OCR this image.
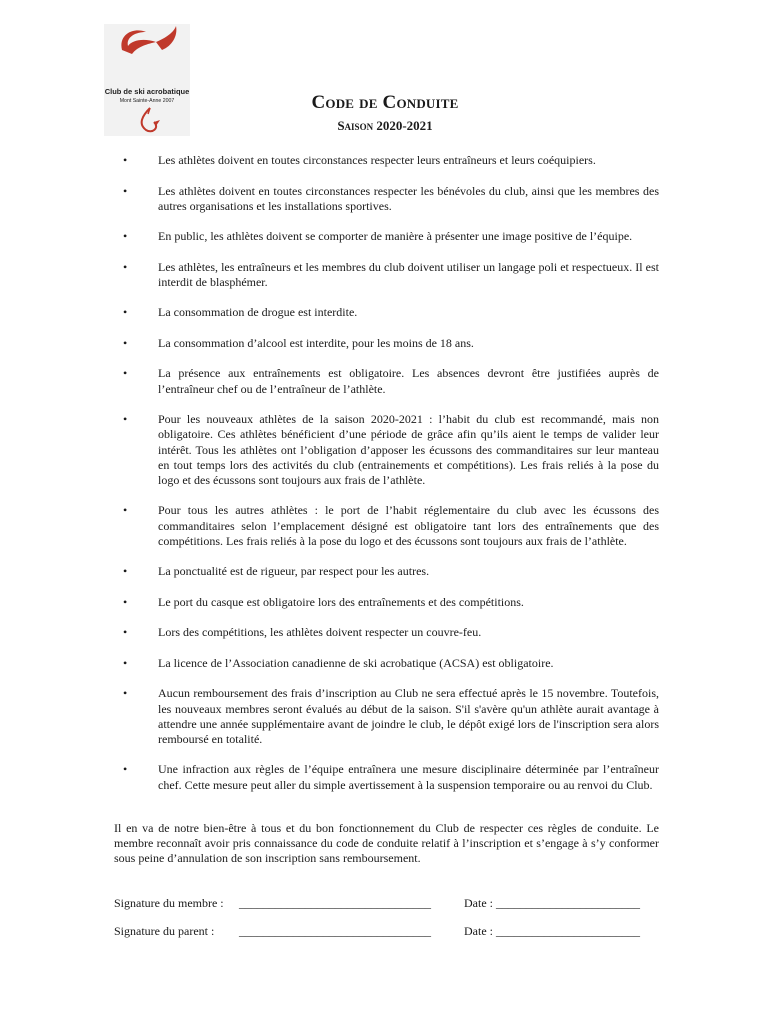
Club de ski acrobatique
Mont Sainte-Anne 2007	Code de Conduite
Saison 2020-2021
•	Les athlètes doivent en toutes circonstances respecter leurs entraîneurs et leurs coéquipiers.
•	Les athlètes doivent en toutes circonstances respecter les bénévoles du club, ainsi que les membres des autres organisations et les installations sportives.
•	En public, les athlètes doivent se comporter de manière à présenter une image positive de l’équipe.
•	Les athlètes, les entraîneurs et les membres du club doivent utiliser un langage poli et respectueux. Il est interdit de blasphémer.
•	La consommation de drogue est interdite.
•	La consommation d’alcool est interdite, pour les moins de 18 ans.
•	La présence aux entraînements est obligatoire. Les absences devront être justifiées auprès de l’entraîneur chef ou de l’entraîneur de l’athlète.
•	Pour les nouveaux athlètes de la saison 2020-2021 : l’habit du club est recommandé, mais non obligatoire. Ces athlètes bénéficient d’une période de grâce afin qu’ils aient le temps de valider leur intérêt. Tous les athlètes ont l’obligation d’apposer les écussons des commanditaires sur leur manteau en tout temps lors des activités du club (entrainements et compétitions). Les frais reliés à la pose du logo et des écussons sont toujours aux frais de l’athlète.
•	Pour tous les autres athlètes : le port de l’habit réglementaire du club avec les écussons des commanditaires selon l’emplacement désigné est obligatoire tant lors des entraînements que des compétitions. Les frais reliés à la pose du logo et des écussons sont toujours aux frais de l’athlète.
•	La ponctualité est de rigueur, par respect pour les autres.
•	Le port du casque est obligatoire lors des entraînements et des compétitions.
•	Lors des compétitions, les athlètes doivent respecter un couvre-feu.
•	La licence de l’Association canadienne de ski acrobatique (ACSA) est obligatoire.
•	Aucun remboursement des frais d’inscription au Club ne sera effectué après le 15 novembre. Toutefois, les nouveaux membres seront évalués au début de la saison. S'il s'avère qu'un athlète aurait avantage à attendre une année supplémentaire avant de joindre le club, le dépôt exigé lors de l'inscription sera alors remboursé en totalité.
•	Une infraction aux règles de l’équipe entraînera une mesure disciplinaire déterminée par l’entraîneur chef. Cette mesure peut aller du simple avertissement à la suspension temporaire ou au renvoi du Club.

Il en va de notre bien-être à tous et du bon fonctionnement du Club de respecter ces règles de conduite. Le membre reconnaît avoir pris connaissance du code de conduite relatif à l’inscription et s’engage à s’y conformer sous peine d’annulation de son inscription sans remboursement.

Signature du membre : ________________________________	Date : ________________________
Signature du parent : ________________________________	Date : ________________________
